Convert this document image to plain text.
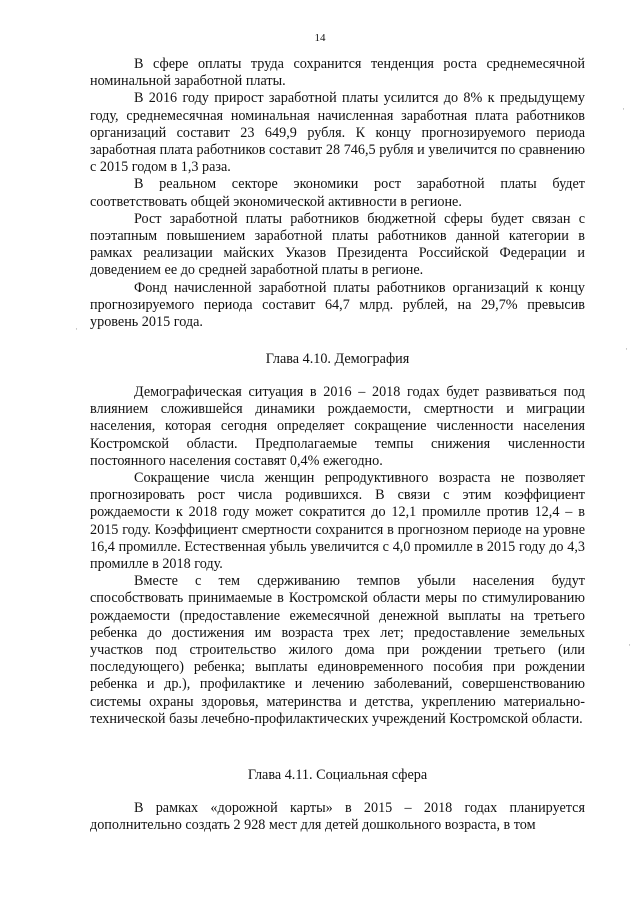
14

В сфере оплаты труда сохранится тенденция роста среднемесячной номинальной заработной платы.

В 2016 году прирост заработной платы усилится до 8% к предыдущему году, среднемесячная номинальная начисленная заработная плата работников организаций составит 23 649,9 рубля. К концу прогнозируемого периода заработная плата работников составит 28 746,5 рубля и увеличится по сравнению с 2015 годом в 1,3 раза.

В реальном секторе экономики рост заработной платы будет соответствовать общей экономической активности в регионе.

Рост заработной платы работников бюджетной сферы будет связан с поэтапным повышением заработной платы работников данной категории в рамках реализации майских Указов Президента Российской Федерации и доведением ее до средней заработной платы в регионе.

Фонд начисленной заработной платы работников организаций к концу прогнозируемого периода составит 64,7 млрд. рублей, на 29,7% превысив уровень 2015 года.

Глава 4.10. Демография

Демографическая ситуация в 2016 – 2018 годах будет развиваться под влиянием сложившейся динамики рождаемости, смертности и миграции населения, которая сегодня определяет сокращение численности населения Костромской области. Предполагаемые темпы снижения численности постоянного населения составят 0,4% ежегодно.

Сокращение числа женщин репродуктивного возраста не позволяет прогнозировать рост числа родившихся. В связи с этим коэффициент рождаемости к 2018 году может сократится до 12,1 промилле против 12,4 – в 2015 году. Коэффициент смертности сохранится в прогнозном периоде на уровне 16,4 промилле. Естественная убыль увеличится с 4,0 промилле в 2015 году до 4,3 промилле в 2018 году.

Вместе с тем сдерживанию темпов убыли населения будут способствовать принимаемые в Костромской области меры по стимулированию рождаемости (предоставление ежемесячной денежной выплаты на третьего ребенка до достижения им возраста трех лет; предоставление земельных участков под строительство жилого дома при рождении третьего (или последующего) ребенка; выплаты единовременного пособия при рождении ребенка и др.), профилактике и лечению заболеваний, совершенствованию системы охраны здоровья, материнства и детства, укреплению материально-технической базы лечебно-профилактических учреждений Костромской области.

Глава 4.11. Социальная сфера

В рамках «дорожной карты» в 2015 – 2018 годах планируется дополнительно создать 2 928 мест для детей дошкольного возраста, в том

·
·
·
·
